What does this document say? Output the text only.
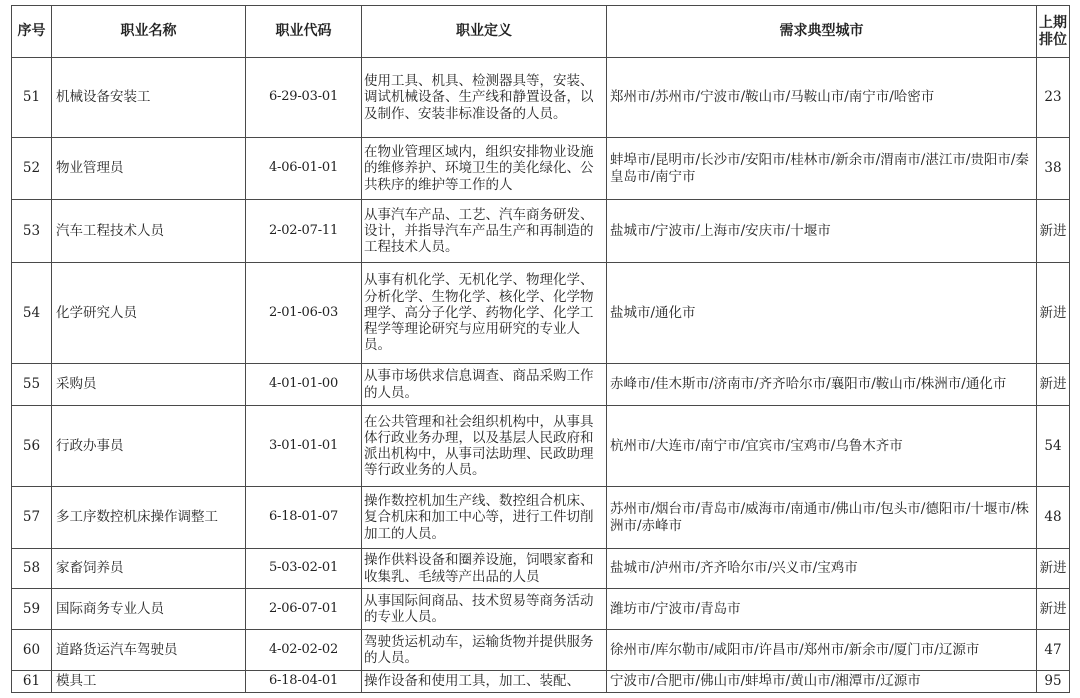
序号	职业名称	职业代码	职业定义	需求典型城市	上期排位
51	机械设备安装工	6-29-03-01	使用工具、机具、检测器具等，安装、调试机械设备、生产线和静置设备，以及制作、安装非标准设备的人员。	郑州市/苏州市/宁波市/鞍山市/马鞍山市/南宁市/哈密市	23
52	物业管理员	4-06-01-01	在物业管理区域内，组织安排物业设施的维修养护、环境卫生的美化绿化、公共秩序的维护等工作的人	蚌埠市/昆明市/长沙市/安阳市/桂林市/新余市/渭南市/湛江市/贵阳市/秦皇岛市/南宁市	38
53	汽车工程技术人员	2-02-07-11	从事汽车产品、工艺、汽车商务研发、设计，并指导汽车产品生产和再制造的工程技术人员。	盐城市/宁波市/上海市/安庆市/十堰市	新进
54	化学研究人员	2-01-06-03	从事有机化学、无机化学、物理化学、分析化学、生物化学、核化学、化学物理学、高分子化学、药物化学、化学工程学等理论研究与应用研究的专业人员。	盐城市/通化市	新进
55	采购员	4-01-01-00	从事市场供求信息调查、商品采购工作的人员。	赤峰市/佳木斯市/济南市/齐齐哈尔市/襄阳市/鞍山市/株洲市/通化市	新进
56	行政办事员	3-01-01-01	在公共管理和社会组织机构中，从事具体行政业务办理，以及基层人民政府和派出机构中，从事司法助理、民政助理等行政业务的人员。	杭州市/大连市/南宁市/宜宾市/宝鸡市/乌鲁木齐市	54
57	多工序数控机床操作调整工	6-18-01-07	操作数控机加生产线、数控组合机床、复合机床和加工中心等，进行工件切削加工的人员。	苏州市/烟台市/青岛市/威海市/南通市/佛山市/包头市/德阳市/十堰市/株洲市/赤峰市	48
58	家畜饲养员	5-03-02-01	操作供料设备和圈养设施，饲喂家畜和收集乳、毛绒等产出品的人员	盐城市/泸州市/齐齐哈尔市/兴义市/宝鸡市	新进
59	国际商务专业人员	2-06-07-01	从事国际间商品、技术贸易等商务活动的专业人员。	潍坊市/宁波市/青岛市	新进
60	道路货运汽车驾驶员	4-02-02-02	驾驶货运机动车，运输货物并提供服务的人员。	徐州市/库尔勒市/咸阳市/许昌市/郑州市/新余市/厦门市/辽源市	47
61	模具工	6-18-04-01	操作设备和使用工具，加工、装配、	宁波市/合肥市/佛山市/蚌埠市/黄山市/湘潭市/辽源市	95
